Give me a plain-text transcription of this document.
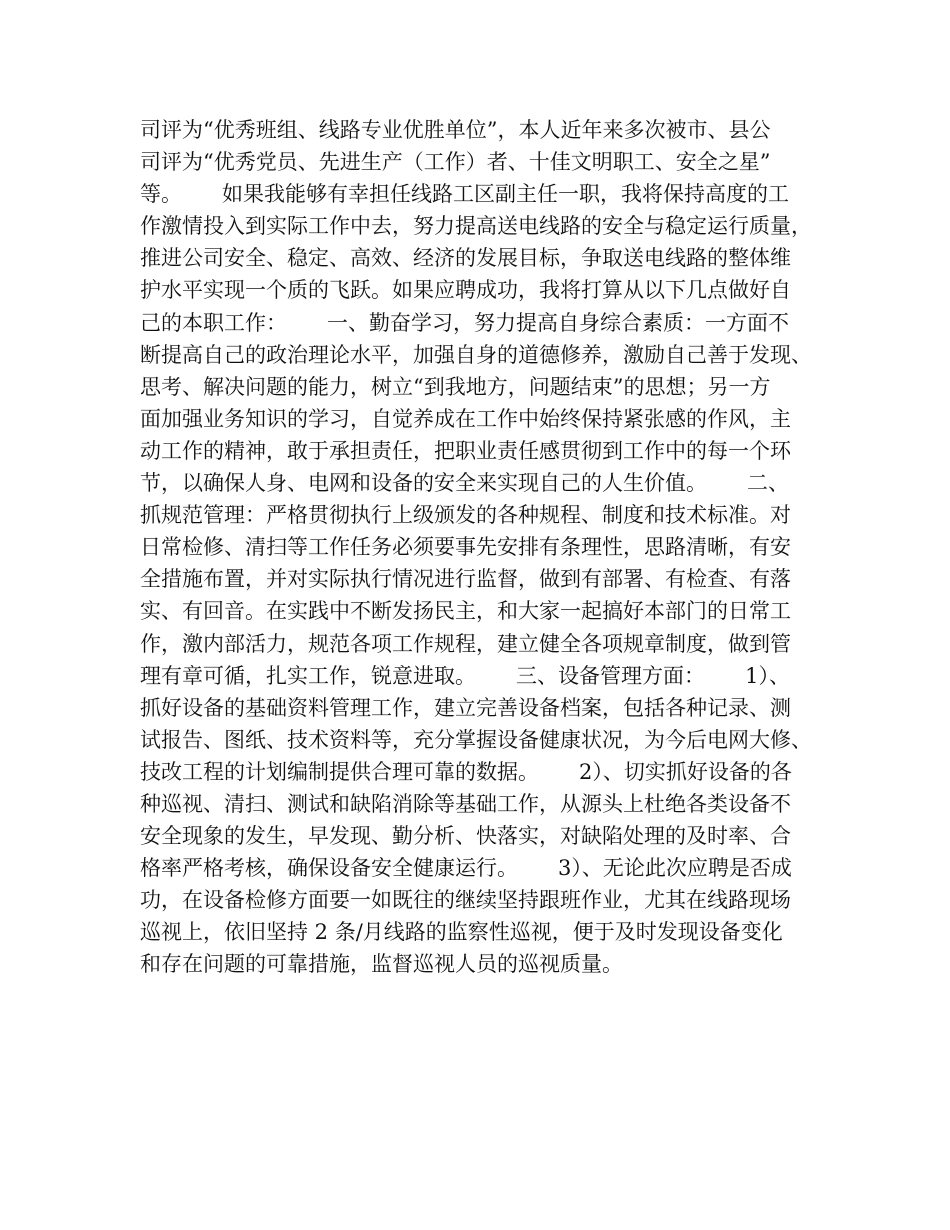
司评为“优秀班组、线路专业优胜单位”，本人近年来多次被市、县公
司评为“优秀党员、先进生产（工作）者、十佳文明职工、安全之星”
等。      如果我能够有幸担任线路工区副主任一职，我将保持高度的工
作激情投入到实际工作中去，努力提高送电线路的安全与稳定运行质量，
推进公司安全、稳定、高效、经济的发展目标，争取送电线路的整体维
护水平实现一个质的飞跃。如果应聘成功，我将打算从以下几点做好自
己的本职工作：      一、勤奋学习，努力提高自身综合素质：一方面不
断提高自己的政治理论水平，加强自身的道德修养，激励自己善于发现、
思考、解决问题的能力，树立“到我地方，问题结束”的思想；另一方
面加强业务知识的学习，自觉养成在工作中始终保持紧张感的作风，主
动工作的精神，敢于承担责任，把职业责任感贯彻到工作中的每一个环
节，以确保人身、电网和设备的安全来实现自己的人生价值。      二、
抓规范管理：严格贯彻执行上级颁发的各种规程、制度和技术标准。对
日常检修、清扫等工作任务必须要事先安排有条理性，思路清晰，有安
全措施布置，并对实际执行情况进行监督，做到有部署、有检查、有落
实、有回音。在实践中不断发扬民主，和大家一起搞好本部门的日常工
作，激内部活力，规范各项工作规程，建立健全各项规章制度，做到管
理有章可循，扎实工作，锐意进取。      三、设备管理方面：      1）、
抓好设备的基础资料管理工作，建立完善设备档案，包括各种记录、测
试报告、图纸、技术资料等，充分掌握设备健康状况，为今后电网大修、
技改工程的计划编制提供合理可靠的数据。      2）、切实抓好设备的各
种巡视、清扫、测试和缺陷消除等基础工作，从源头上杜绝各类设备不
安全现象的发生，早发现、勤分析、快落实，对缺陷处理的及时率、合
格率严格考核，确保设备安全健康运行。      3）、无论此次应聘是否成
功，在设备检修方面要一如既往的继续坚持跟班作业，尤其在线路现场
巡视上，依旧坚持 2 条/月线路的监察性巡视，便于及时发现设备变化
和存在问题的可靠措施，监督巡视人员的巡视质量。
